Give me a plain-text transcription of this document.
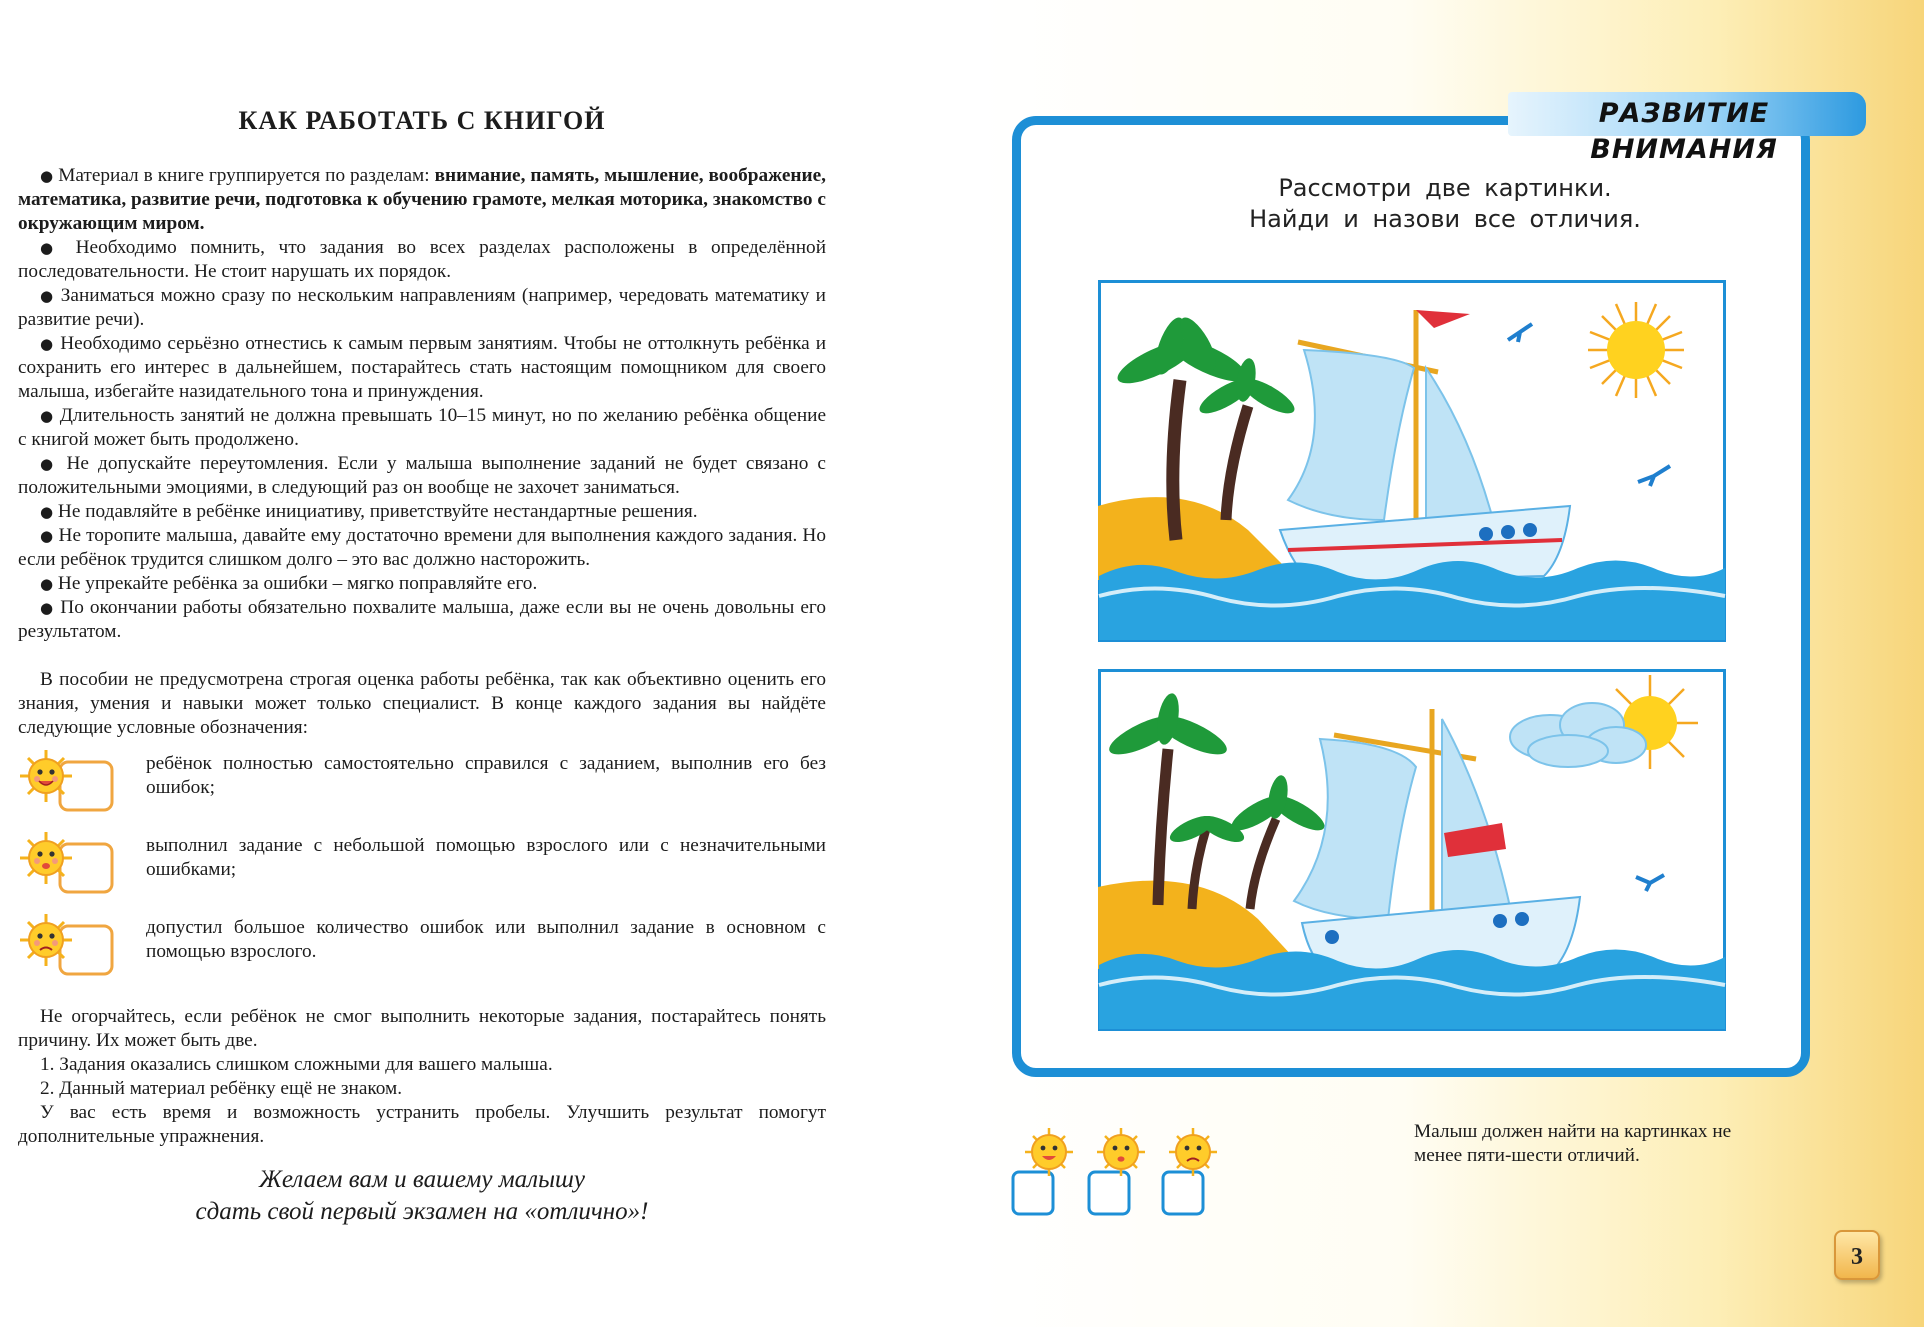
КАК РАБОТАТЬ С КНИГОЙ

● Материал в книге группируется по разделам: внимание, память, мышление, воображение, математика, развитие речи, подготовка к обучению грамоте, мелкая моторика, знакомство с окружающим миром.

● Необходимо помнить, что задания во всех разделах расположены в определённой последовательности. Не стоит нарушать их порядок.

● Заниматься можно сразу по нескольким направлениям (например, чередовать математику и развитие речи).

● Необходимо серьёзно отнестись к самым первым занятиям. Чтобы не оттолкнуть ребёнка и сохранить его интерес в дальнейшем, постарайтесь стать настоящим помощником для своего малыша, избегайте назидательного тона и принуждения.

● Длительность занятий не должна превышать 10–15 минут, но по желанию ребёнка общение с книгой может быть продолжено.

● Не допускайте переутомления. Если у малыша выполнение заданий не будет связано с положительными эмоциями, в следующий раз он вообще не захочет заниматься.

● Не подавляйте в ребёнке инициативу, приветствуйте нестандартные решения.

● Не торопите малыша, давайте ему достаточно времени для выполнения каждого задания. Но если ребёнок трудится слишком долго – это вас должно насторожить.

● Не упрекайте ребёнка за ошибки – мягко поправляйте его.

● По окончании работы обязательно похвалите малыша, даже если вы не очень довольны его результатом.

В пособии не предусмотрена строгая оценка работы ребёнка, так как объективно оценить его знания, умения и навыки может только специалист. В конце каждого задания вы найдёте следующие условные обозначения:

ребёнок полностью самостоятельно справился с заданием, выполнив его без ошибок;
выполнил задание с небольшой помощью взрослого или с незначительными ошибками;
допустил большое количество ошибок или выполнил задание в основном с помощью взрослого.

Не огорчайтесь, если ребёнок не смог выполнить некоторые задания, постарайтесь понять причину. Их может быть две.

1. Задания оказались слишком сложными для вашего малыша.

2. Данный материал ребёнку ещё не знаком.

У вас есть время и возможность устранить пробелы. Улучшить результат помогут дополнительные упражнения.

Желаем вам и вашему малышу
сдать свой первый экзамен на «отлично»!
РАЗВИТИЕ ВНИМАНИЯ
Рассмотри две картинки.
Найди и назови все отличия.
Малыш должен найти на картинках не менее пяти-шести отличий.
3
